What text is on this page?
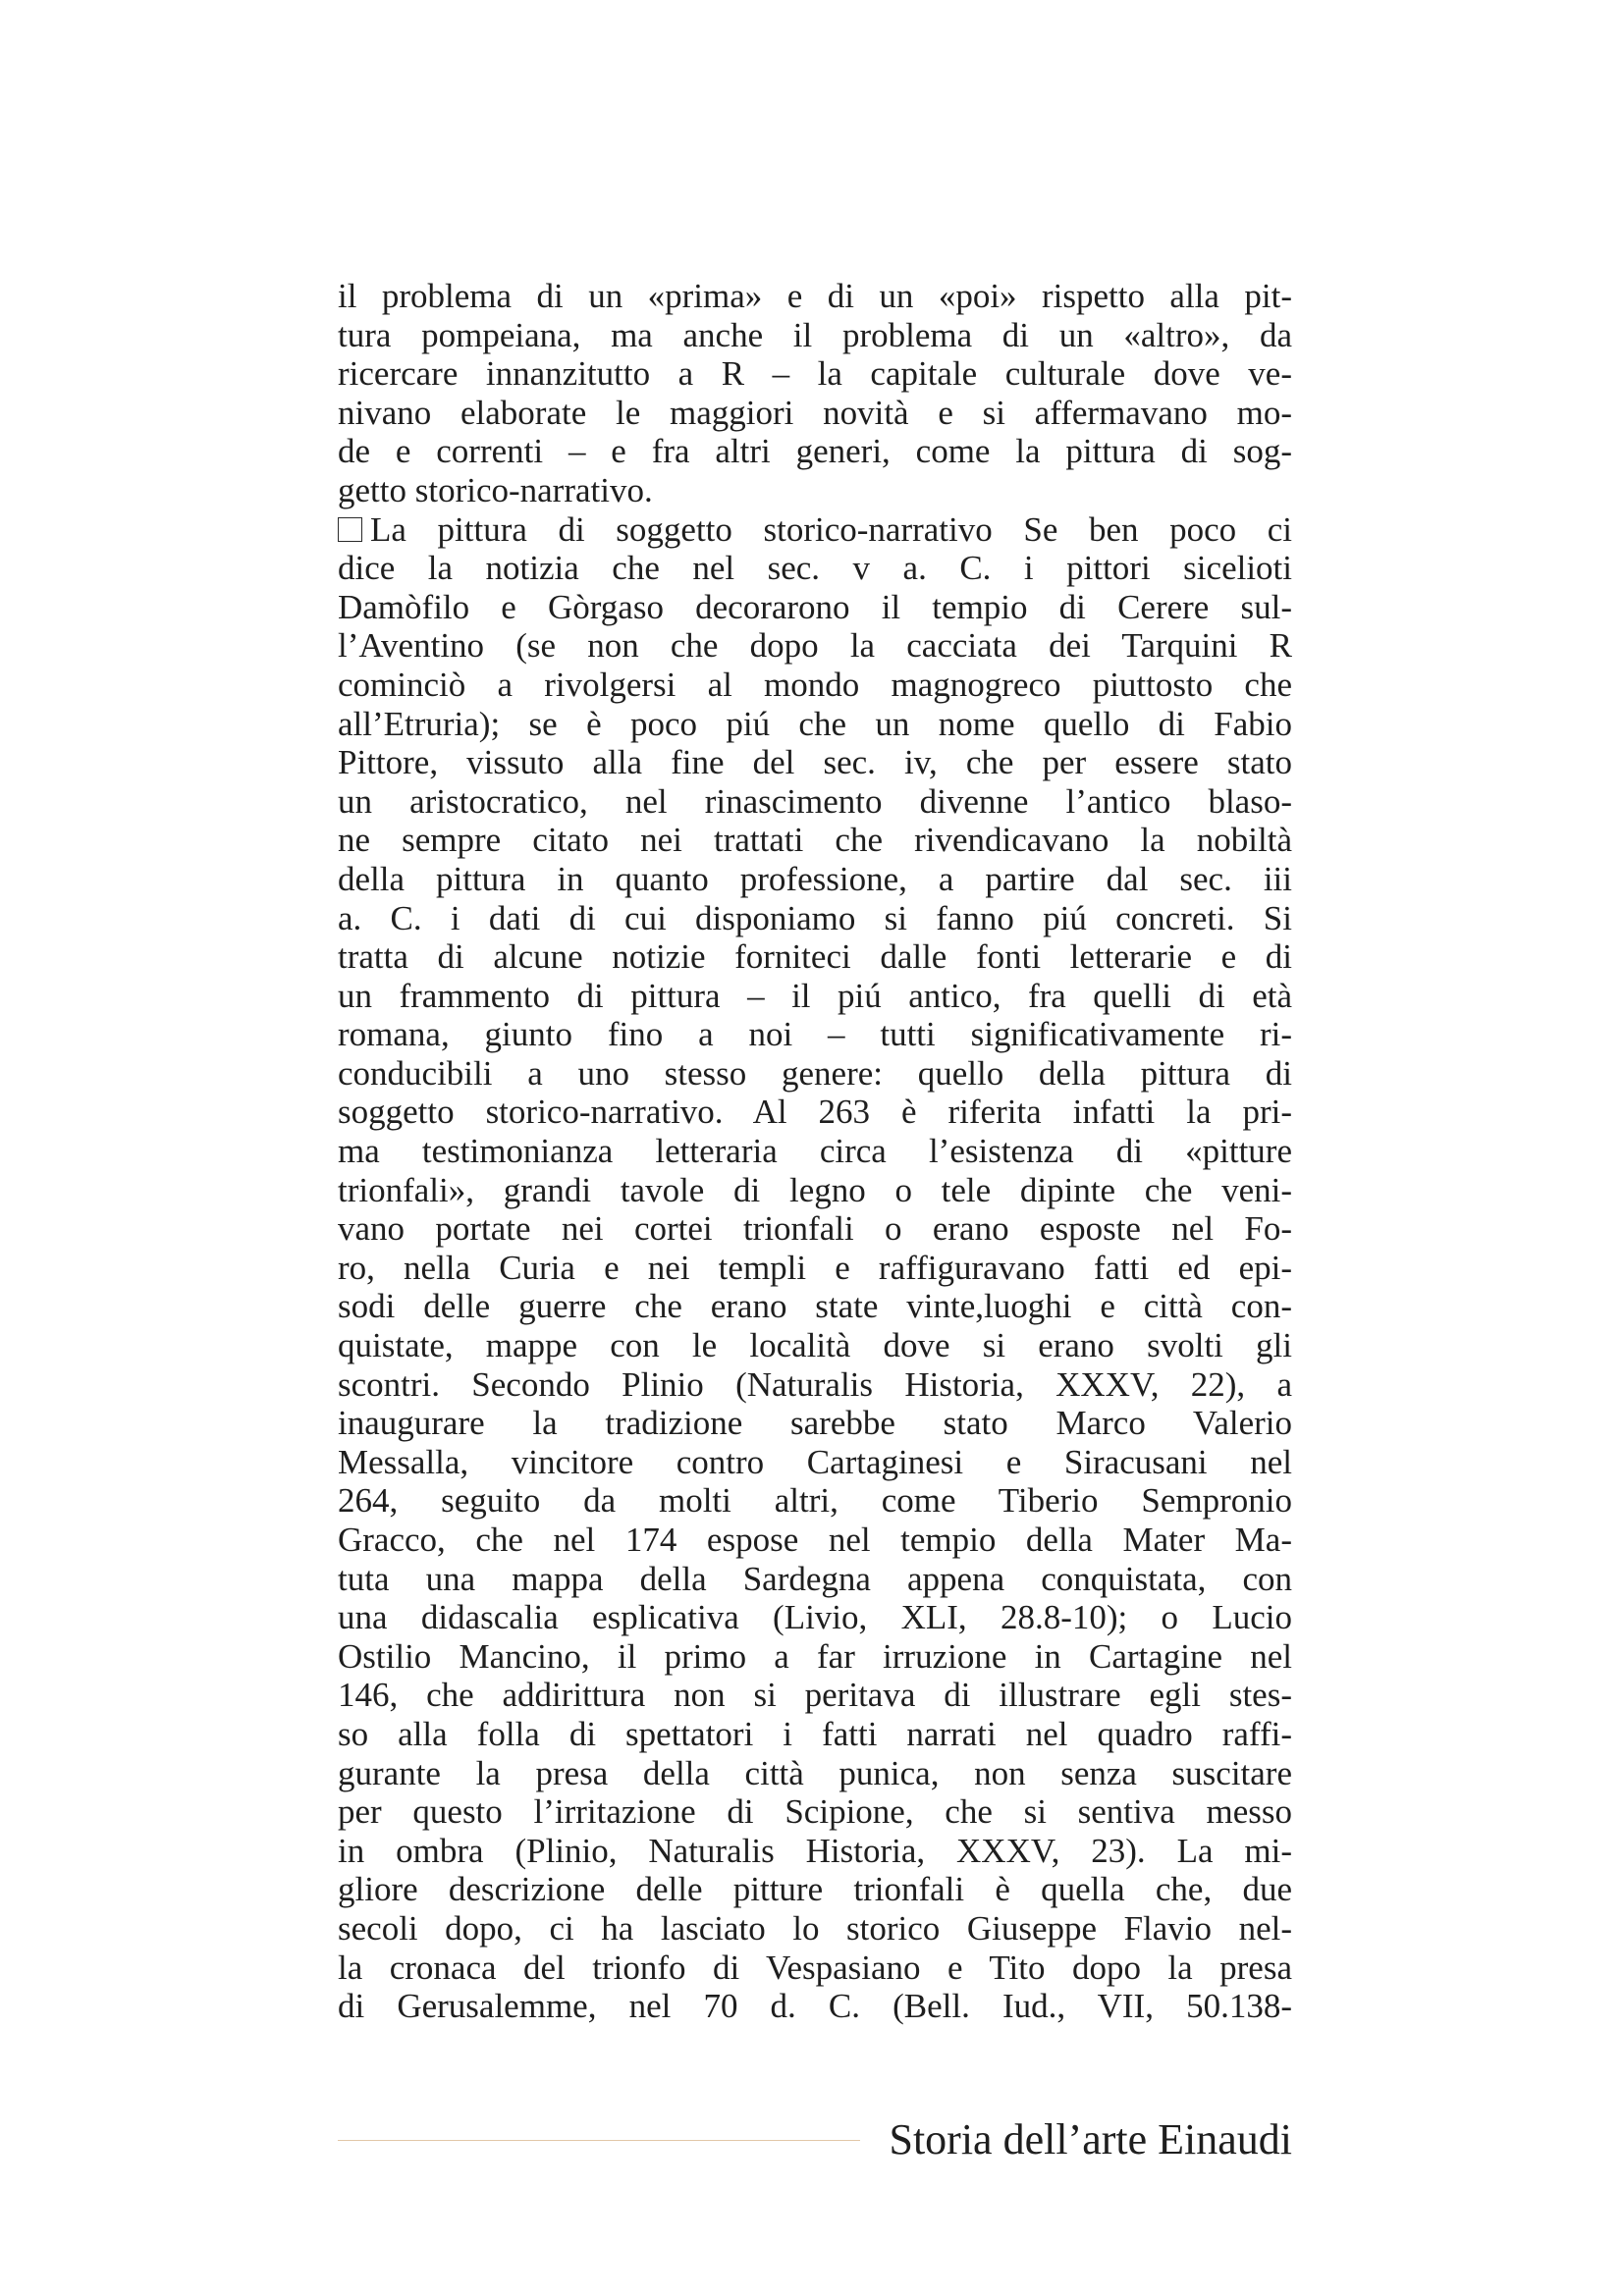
il problema di un «prima» e di un «poi» rispetto alla pit-
tura pompeiana, ma anche il problema di un «altro», da
ricercare innanzitutto a R – la capitale culturale dove ve-
nivano elaborate le maggiori novità e si affermavano mo-
de e correnti – e fra altri generi, come la pittura di sog-
getto storico-narrativo.
La pittura di soggetto storico-narrativo Se ben poco ci
dice la notizia che nel sec. v a. C. i pittori sicelioti
Damòfilo e Gòrgaso decorarono il tempio di Cerere sul-
l’Aventino (se non che dopo la cacciata dei Tarquini R
cominciò a rivolgersi al mondo magnogreco piuttosto che
all’Etruria); se è poco piú che un nome quello di Fabio
Pittore, vissuto alla fine del sec. iv, che per essere stato
un aristocratico, nel rinascimento divenne l’antico blaso-
ne sempre citato nei trattati che rivendicavano la nobiltà
della pittura in quanto professione, a partire dal sec. iii
a. C. i dati di cui disponiamo si fanno piú concreti. Si
tratta di alcune notizie forniteci dalle fonti letterarie e di
un frammento di pittura – il piú antico, fra quelli di età
romana, giunto fino a noi – tutti significativamente ri-
conducibili a uno stesso genere: quello della pittura di
soggetto storico-narrativo. Al 263 è riferita infatti la pri-
ma testimonianza letteraria circa l’esistenza di «pitture
trionfali», grandi tavole di legno o tele dipinte che veni-
vano portate nei cortei trionfali o erano esposte nel Fo-
ro, nella Curia e nei templi e raffiguravano fatti ed epi-
sodi delle guerre che erano state vinte,luoghi e città con-
quistate, mappe con le località dove si erano svolti gli
scontri. Secondo Plinio (Naturalis Historia, XXXV, 22), a
inaugurare la tradizione sarebbe stato Marco Valerio
Messalla, vincitore contro Cartaginesi e Siracusani nel
264, seguito da molti altri, come Tiberio Sempronio
Gracco, che nel 174 espose nel tempio della Mater Ma-
tuta una mappa della Sardegna appena conquistata, con
una didascalia esplicativa (Livio, XLI, 28.8-10); o Lucio
Ostilio Mancino, il primo a far irruzione in Cartagine nel
146, che addirittura non si peritava di illustrare egli stes-
so alla folla di spettatori i fatti narrati nel quadro raffi-
gurante la presa della città punica, non senza suscitare
per questo l’irritazione di Scipione, che si sentiva messo
in ombra (Plinio, Naturalis Historia, XXXV, 23). La mi-
gliore descrizione delle pitture trionfali è quella che, due
secoli dopo, ci ha lasciato lo storico Giuseppe Flavio nel-
la cronaca del trionfo di Vespasiano e Tito dopo la presa
di Gerusalemme, nel 70 d. C. (Bell. Iud., VII, 50.138-
Storia dell’arte Einaudi
